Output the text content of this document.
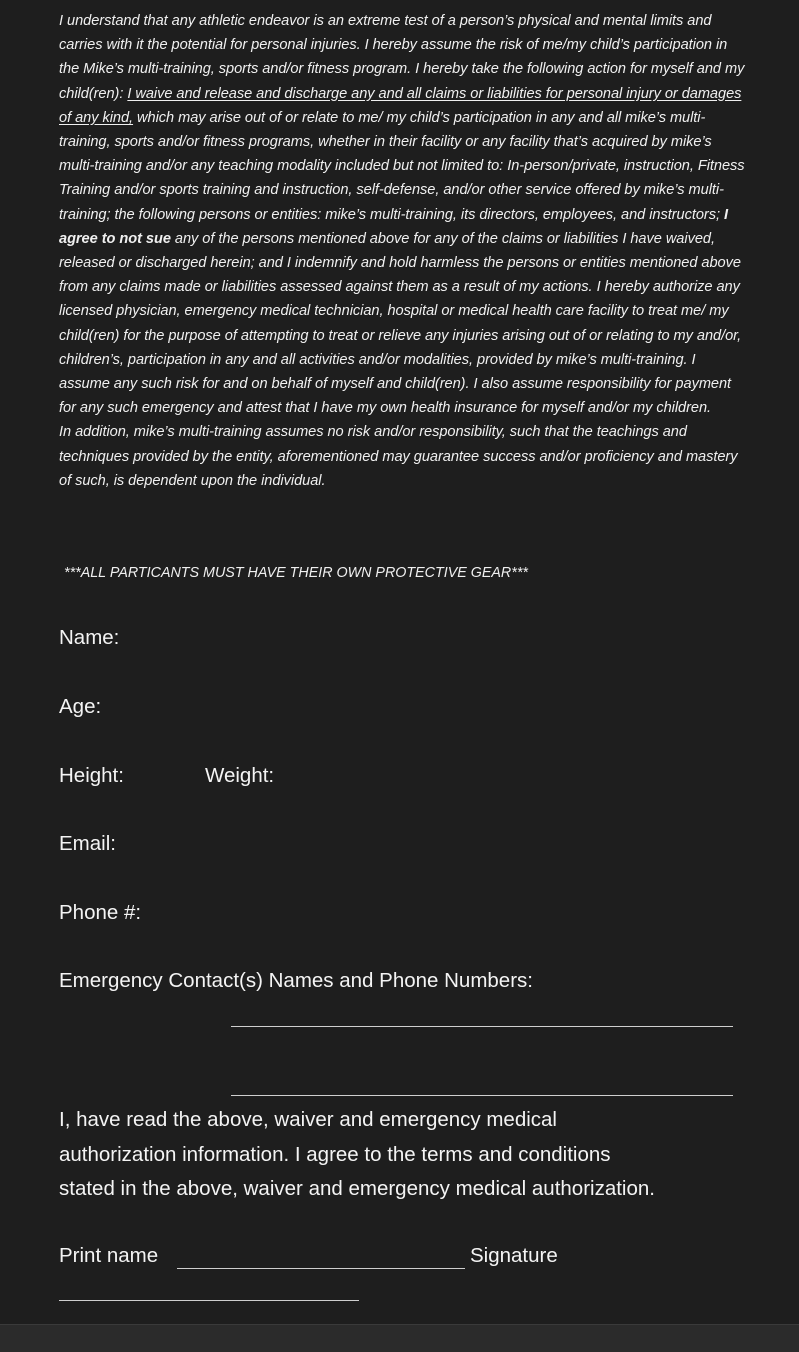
I understand that any athletic endeavor is an extreme test of a person’s physical and mental limits and carries with it the potential for personal injuries. I hereby assume the risk of me/my child’s participation in the Mike’s multi-training, sports and/or fitness program. I hereby take the following action for myself and my child(ren): I waive and release and discharge any and all claims or liabilities for personal injury or damages of any kind, which may arise out of or relate to me/ my child’s participation in any and all mike’s multi-training, sports and/or fitness programs, whether in their facility or any facility that’s acquired by mike’s multi-training and/or any teaching modality included but not limited to: In-person/private, instruction, Fitness Training and/or sports training and instruction, self-defense, and/or other service offered by mike’s multi-training; the following persons or entities: mike’s multi-training, its directors, employees, and instructors; I agree to not sue any of the persons mentioned above for any of the claims or liabilities I have waived, released or discharged herein; and I indemnify and hold harmless the persons or entities mentioned above from any claims made or liabilities assessed against them as a result of my actions. I hereby authorize any licensed physician, emergency medical technician, hospital or medical health care facility to treat me/ my child(ren) for the purpose of attempting to treat or relieve any injuries arising out of or relating to my and/or, children’s, participation in any and all activities and/or modalities, provided by mike’s multi-training. I assume any such risk for and on behalf of myself and child(ren). I also assume responsibility for payment for any such emergency and attest that I have my own health insurance for myself and/or my children.

In addition, mike’s multi-training assumes no risk and/or responsibility, such that the teachings and techniques provided by the entity, aforementioned may guarantee success and/or proficiency and mastery of such, is dependent upon the individual.

***ALL PARTICANTS MUST HAVE THEIR OWN PROTECTIVE GEAR***
Name:
Age:
Height:	Weight:
Email:
Phone #:
Emergency Contact(s) Names and Phone Numbers:

I, have read the above, waiver and emergency medical

authorization information. I agree to the terms and conditions

stated in the above, waiver and emergency medical authorization.

Print name	Signature
